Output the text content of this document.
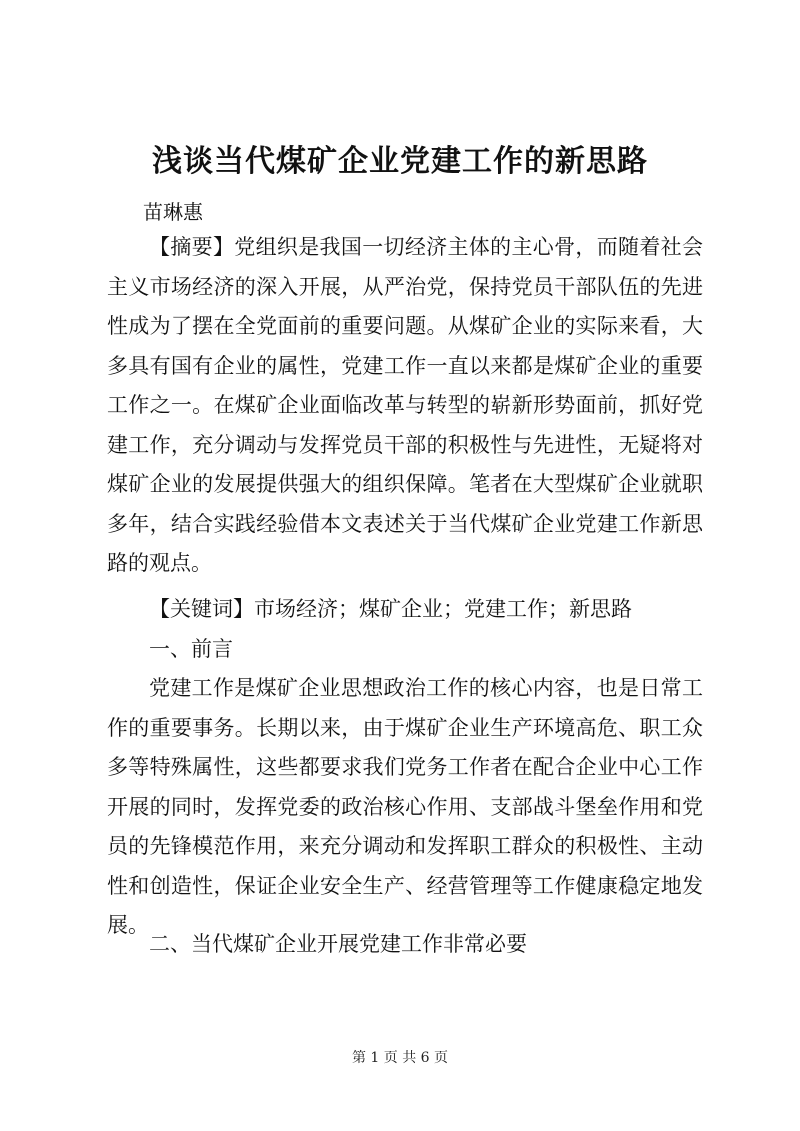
浅谈当代煤矿企业党建工作的新思路
苗琳惠

【摘要】党组织是我国一切经济主体的主心骨，而随着社会主义市场经济的深入开展，从严治党，保持党员干部队伍的先进性成为了摆在全党面前的重要问题。从煤矿企业的实际来看，大多具有国有企业的属性，党建工作一直以来都是煤矿企业的重要工作之一。在煤矿企业面临改革与转型的崭新形势面前，抓好党建工作，充分调动与发挥党员干部的积极性与先进性，无疑将对煤矿企业的发展提供强大的组织保障。笔者在大型煤矿企业就职多年，结合实践经验借本文表述关于当代煤矿企业党建工作新思路的观点。

【关键词】市场经济；煤矿企业；党建工作；新思路

一、前言

党建工作是煤矿企业思想政治工作的核心内容，也是日常工作的重要事务。长期以来，由于煤矿企业生产环境高危、职工众多等特殊属性，这些都要求我们党务工作者在配合企业中心工作开展的同时，发挥党委的政治核心作用、支部战斗堡垒作用和党员的先锋模范作用，来充分调动和发挥职工群众的积极性、主动性和创造性，保证企业安全生产、经营管理等工作健康稳定地发展。

二、当代煤矿企业开展党建工作非常必要

第 1 页 共 6 页
